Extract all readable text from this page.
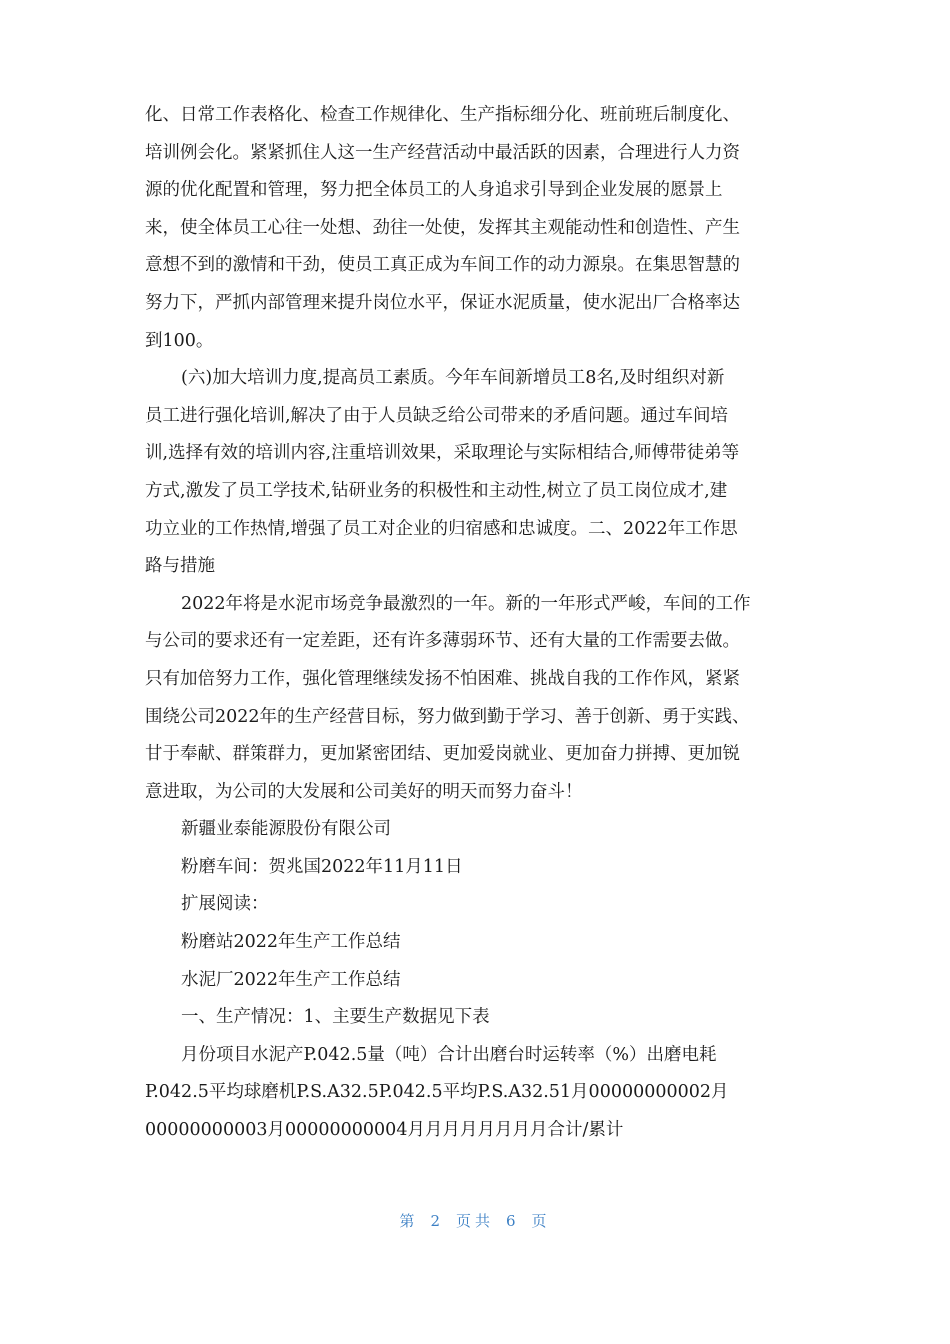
化、日常工作表格化、检查工作规律化、生产指标细分化、班前班后制度化、
培训例会化。紧紧抓住人这一生产经营活动中最活跃的因素，合理进行人力资
源的优化配置和管理，努力把全体员工的人身追求引导到企业发展的愿景上
来，使全体员工心往一处想、劲往一处使，发挥其主观能动性和创造性、产生
意想不到的激情和干劲，使员工真正成为车间工作的动力源泉。在集思智慧的
努力下，严抓内部管理来提升岗位水平，保证水泥质量，使水泥出厂合格率达
到100。
(六)加大培训力度,提高员工素质。今年车间新增员工8名,及时组织对新
员工进行强化培训,解决了由于人员缺乏给公司带来的矛盾问题。通过车间培
训,选择有效的培训内容,注重培训效果，采取理论与实际相结合,师傅带徒弟等
方式,激发了员工学技术,钻研业务的积极性和主动性,树立了员工岗位成才,建
功立业的工作热情,增强了员工对企业的归宿感和忠诚度。二、2022年工作思
路与措施
2022年将是水泥市场竞争最激烈的一年。新的一年形式严峻，车间的工作
与公司的要求还有一定差距，还有许多薄弱环节、还有大量的工作需要去做。
只有加倍努力工作，强化管理继续发扬不怕困难、挑战自我的工作作风，紧紧
围绕公司2022年的生产经营目标，努力做到勤于学习、善于创新、勇于实践、
甘于奉献、群策群力，更加紧密团结、更加爱岗就业、更加奋力拼搏、更加锐
意进取，为公司的大发展和公司美好的明天而努力奋斗！
新疆业泰能源股份有限公司
粉磨车间：贺兆国2022年11月11日
扩展阅读：
粉磨站2022年生产工作总结
水泥厂2022年生产工作总结
一、生产情况：1、主要生产数据见下表
月份项目水泥产P.042.5量（吨）合计出磨台时运转率（%）出磨电耗
P.042.5平均球磨机P.S.A32.5P.042.5平均P.S.A32.51月00000000002月
00000000003月00000000004月月月月月月月月合计/累计
第 2 页共 6 页
